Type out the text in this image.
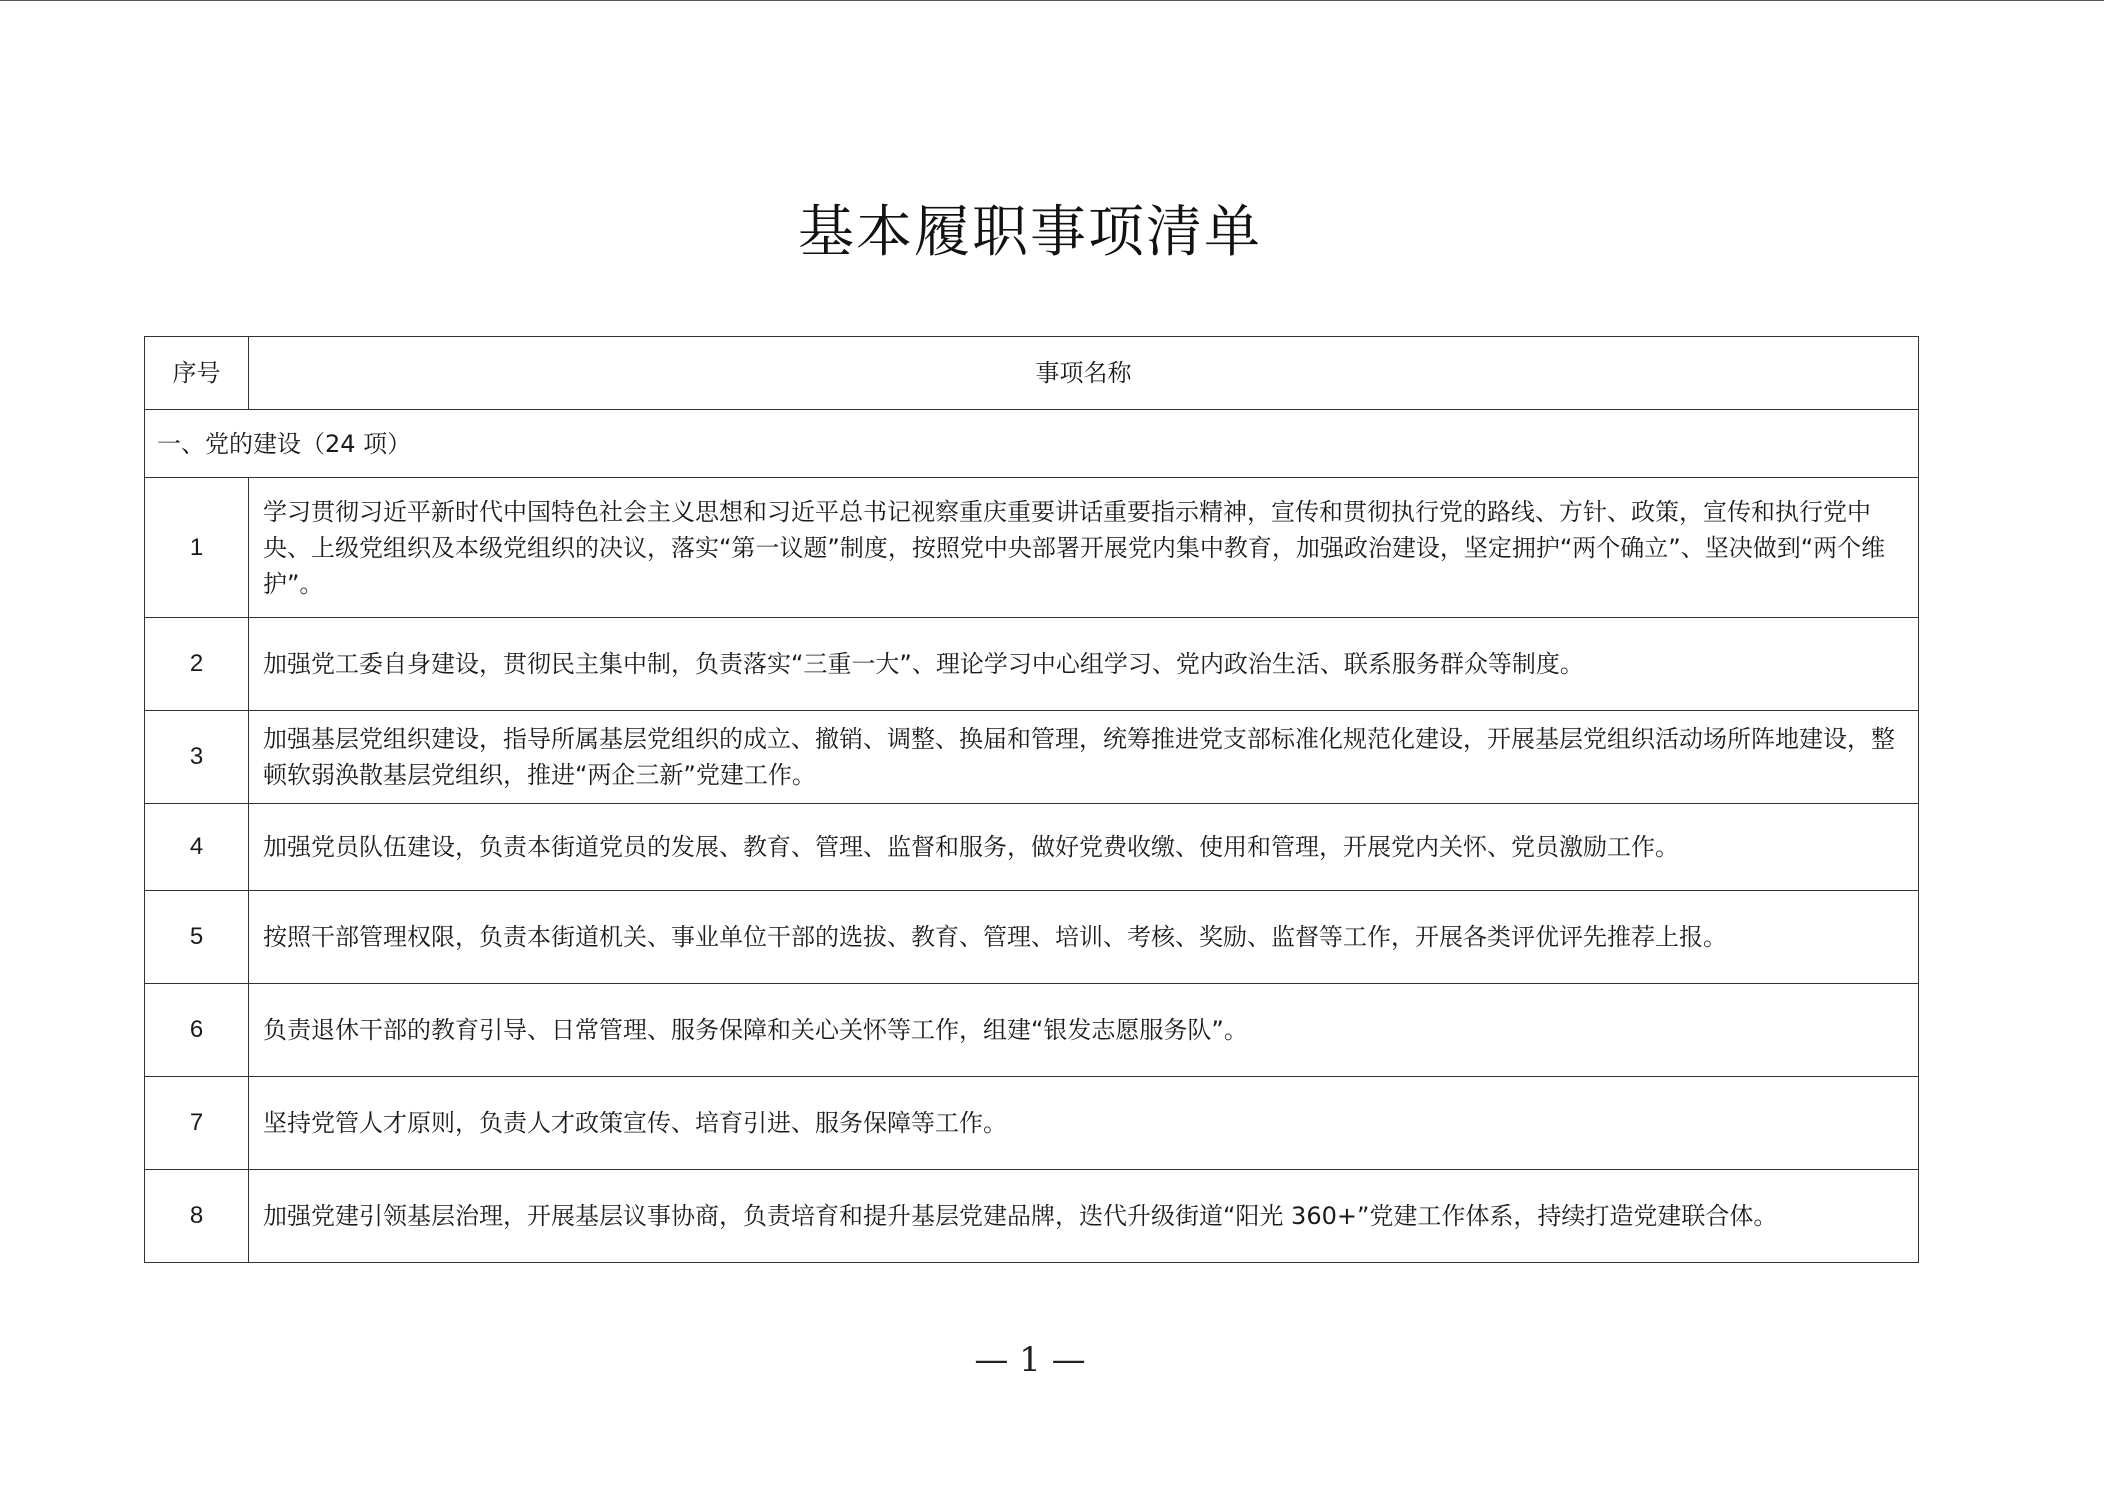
基本履职事项清单
序号	事项名称
一、党的建设（24 项）	
1	学习贯彻习近平新时代中国特色社会主义思想和习近平总书记视察重庆重要讲话重要指示精神，宣传和贯彻执行党的路线、方针、政策，宣传和执行党中央、上级党组织及本级党组织的决议，落实“第一议题”制度，按照党中央部署开展党内集中教育，加强政治建设，坚定拥护“两个确立”、坚决做到“两个维护”。
2	加强党工委自身建设，贯彻民主集中制，负责落实“三重一大”、理论学习中心组学习、党内政治生活、联系服务群众等制度。
3	加强基层党组织建设，指导所属基层党组织的成立、撤销、调整、换届和管理，统筹推进党支部标准化规范化建设，开展基层党组织活动场所阵地建设，整顿软弱涣散基层党组织，推进“两企三新”党建工作。
4	加强党员队伍建设，负责本街道党员的发展、教育、管理、监督和服务，做好党费收缴、使用和管理，开展党内关怀、党员激励工作。
5	按照干部管理权限，负责本街道机关、事业单位干部的选拔、教育、管理、培训、考核、奖励、监督等工作，开展各类评优评先推荐上报。
6	负责退休干部的教育引导、日常管理、服务保障和关心关怀等工作，组建“银发志愿服务队”。
7	坚持党管人才原则，负责人才政策宣传、培育引进、服务保障等工作。
8	加强党建引领基层治理，开展基层议事协商，负责培育和提升基层党建品牌，迭代升级街道“阳光 360+”党建工作体系，持续打造党建联合体。
— 1 —
